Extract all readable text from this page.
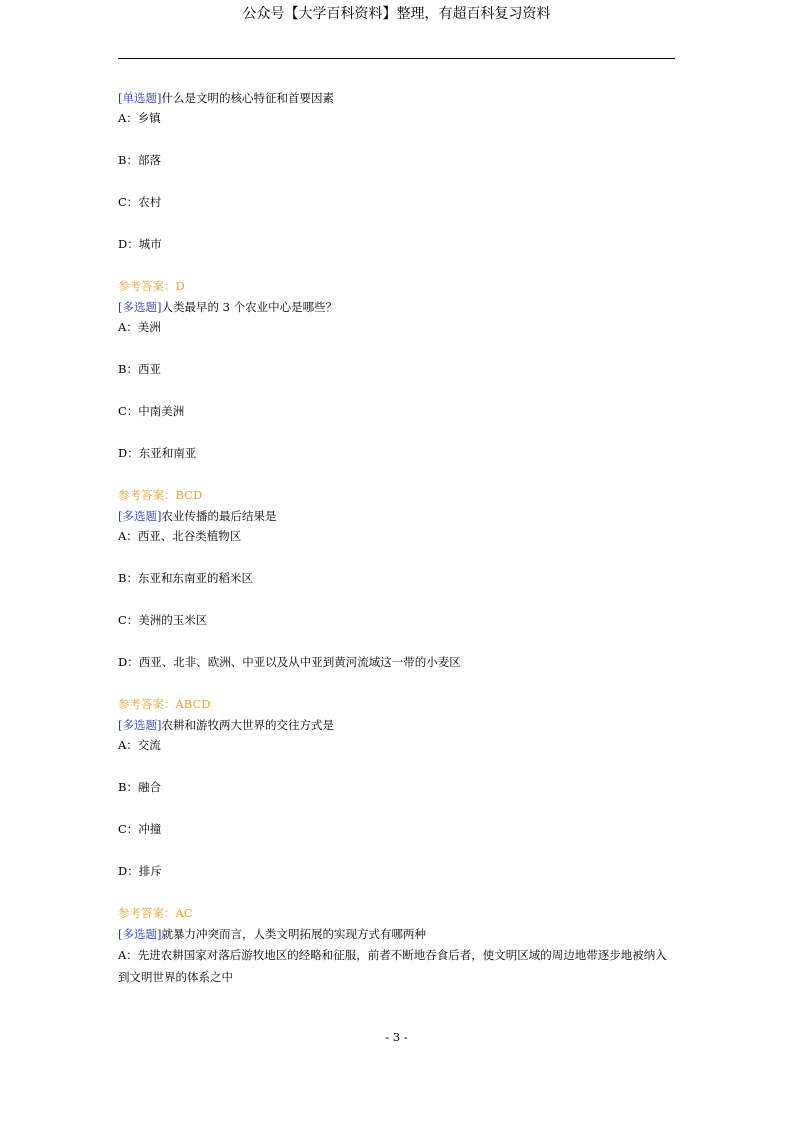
公众号【大学百科资料】整理，有超百科复习资料
[单选题]什么是文明的核心特征和首要因素
A：乡镇
B：部落
C：农村
D：城市
参考答案：D
[多选题]人类最早的 3 个农业中心是哪些？
A：美洲
B：西亚
C：中南美洲
D：东亚和南亚
参考答案：BCD
[多选题]农业传播的最后结果是
A：西亚、北谷类植物区
B：东亚和东南亚的稻米区
C：美洲的玉米区
D：西亚、北非、欧洲、中亚以及从中亚到黄河流域这一带的小麦区
参考答案：ABCD
[多选题]农耕和游牧两大世界的交往方式是
A：交流
B：融合
C：冲撞
D：排斥
参考答案：AC
[多选题]就暴力冲突而言，人类文明拓展的实现方式有哪两种
A：先进农耕国家对落后游牧地区的经略和征服，前者不断地吞食后者，使文明区域的周边地带逐步地被纳入到文明世界的体系之中
- 3 -
